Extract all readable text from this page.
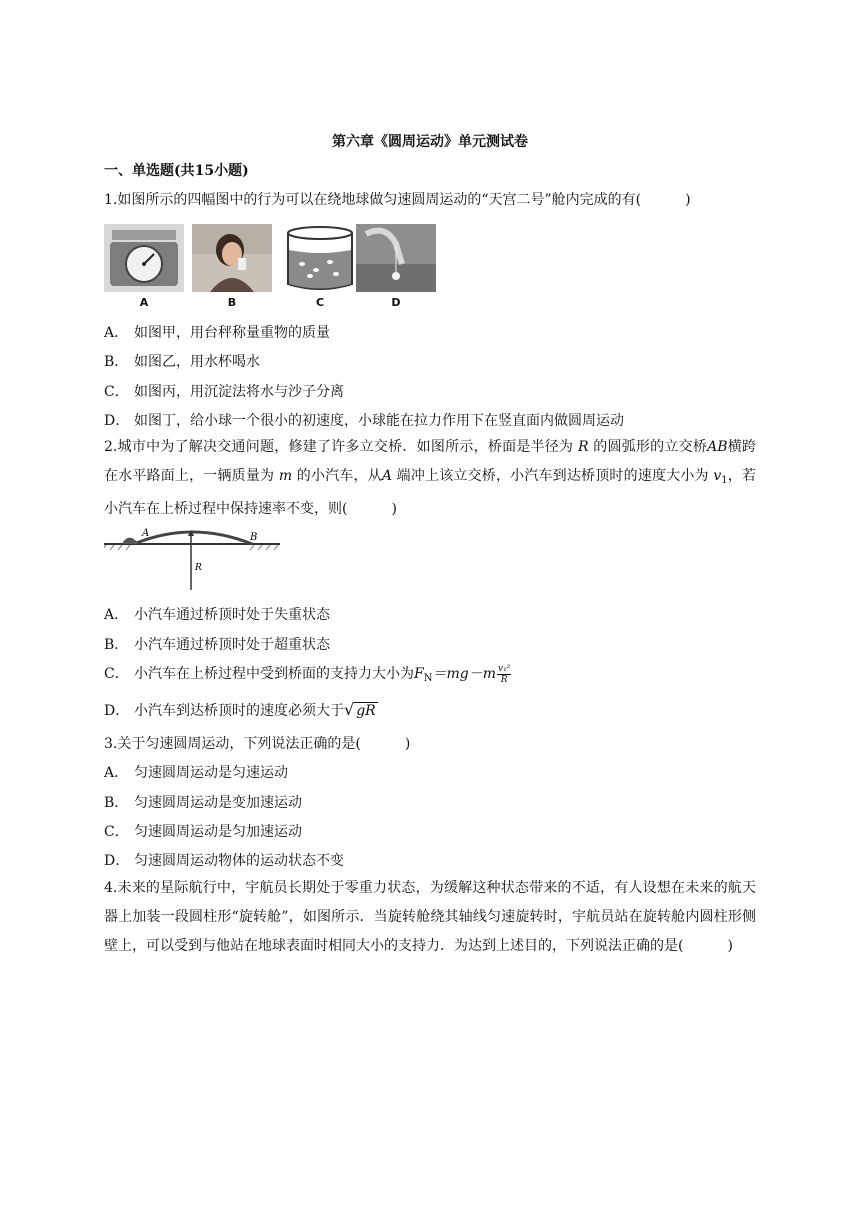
第六章《圆周运动》单元测试卷
一、单选题(共15小题)
1.如图所示的四幅图中的行为可以在绕地球做匀速圆周运动的“天宫二号”舱内完成的有(	)
A	B	C	D
A． 如图甲，用台秤称量重物的质量
B． 如图乙，用水杯喝水
C． 如图丙，用沉淀法将水与沙子分离
D． 如图丁，给小球一个很小的初速度，小球能在拉力作用下在竖直面内做圆周运动
2.城市中为了解决交通问题，修建了许多立交桥．如图所示，桥面是半径为 R 的圆弧形的立交桥AB横跨在水平路面上，一辆质量为 m 的小汽车，从A 端冲上该立交桥，小汽车到达桥顶时的速度大小为 $v_1$，若小汽车在上桥过程中保持速率不变，则(	)
A	B
R
A． 小汽车通过桥顶时处于失重状态
B． 小汽车通过桥顶时处于超重状态
C． 小汽车在上桥过程中受到桥面的支持力大小为$F_N=mg-m \frac{\text{v₁²}}{R}$
D． 小汽车到达桥顶时的速度必须大于√ gR
3.关于匀速圆周运动，下列说法正确的是(	)
A． 匀速圆周运动是匀速运动
B． 匀速圆周运动是变加速运动
C． 匀速圆周运动是匀加速运动
D． 匀速圆周运动物体的运动状态不变
4.未来的星际航行中，宇航员长期处于零重力状态，为缓解这种状态带来的不适，有人设想在未来的航天器上加装一段圆柱形“旋转舱”，如图所示．当旋转舱绕其轴线匀速旋转时，宇航员站在旋转舱内圆柱形侧壁上，可以受到与他站在地球表面时相同大小的支持力．为达到上述目的，下列说法正确的是(	)
